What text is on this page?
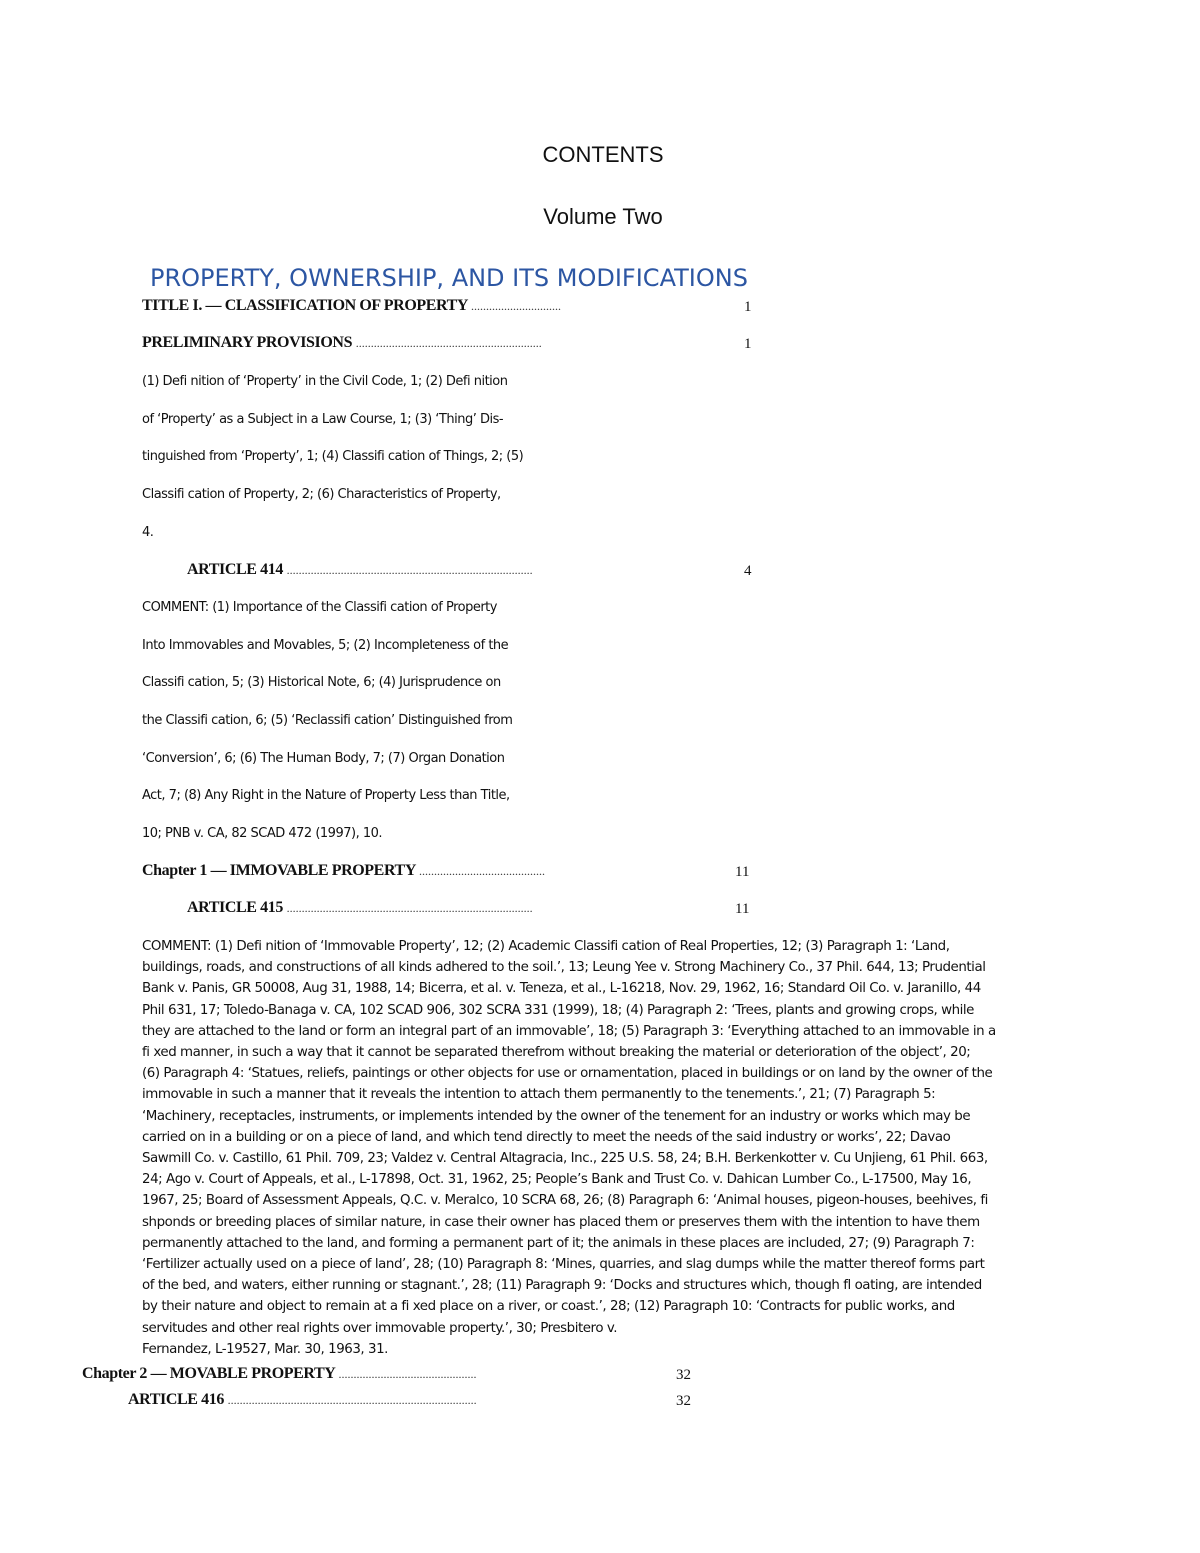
CONTENTS
Volume Two
PROPERTY, OWNERSHIP, AND ITS MODIFICATIONS
TITLE I. — CLASSIFICATION OF PROPERTY ..............................	1
PRELIMINARY PROVISIONS ..............................................................	1
(1) Defi nition of ‘Property’ in the Civil Code, 1; (2) Defi nition
of ‘Property’ as a Subject in a Law Course, 1; (3) ‘Thing’ Dis-
tinguished from ‘Property’, 1; (4) Classifi cation of Things, 2; (5)
Classifi cation of Property, 2; (6) Characteristics of Property,
4.
ARTICLE 414 ..................................................................................	4
COMMENT: (1) Importance of the Classifi cation of Property
Into Immovables and Movables, 5; (2) Incompleteness of the
Classifi cation, 5; (3) Historical Note, 6; (4) Jurisprudence on
the Classifi cation, 6; (5) ‘Reclassifi cation’ Distinguished from
‘Conversion’, 6; (6) The Human Body, 7; (7) Organ Donation
Act, 7; (8) Any Right in the Nature of Property Less than Title,
10; PNB v. CA, 82 SCAD 472 (1997), 10.
Chapter 1 — IMMOVABLE PROPERTY ..........................................	11
ARTICLE 415 ..................................................................................	11
COMMENT: (1) Defi nition of ‘Immovable Property’, 12; (2) Academic Classifi cation of Real Properties, 12; (3) Paragraph 1: ‘Land,
buildings, roads, and constructions of all kinds adhered to the soil.’, 13; Leung Yee v. Strong Machinery Co., 37 Phil. 644, 13; Prudential
Bank v. Panis, GR 50008, Aug 31, 1988, 14; Bicerra, et al. v. Teneza, et al., L-16218, Nov. 29, 1962, 16; Standard Oil Co. v. Jaranillo, 44
Phil 631, 17; Toledo-Banaga v. CA, 102 SCAD 906, 302 SCRA 331 (1999), 18; (4) Paragraph 2: ‘Trees, plants and growing crops, while
they are attached to the land or form an integral part of an immovable’, 18; (5) Paragraph 3: ‘Everything attached to an immovable in a
fi xed manner, in such a way that it cannot be separated therefrom without breaking the material or deterioration of the object’, 20;
(6) Paragraph 4: ‘Statues, reliefs, paintings or other objects for use or ornamentation, placed in buildings or on land by the owner of the
immovable in such a manner that it reveals the intention to attach them permanently to the tenements.’, 21; (7) Paragraph 5:
‘Machinery, receptacles, instruments, or implements intended by the owner of the tenement for an industry or works which may be
carried on in a building or on a piece of land, and which tend directly to meet the needs of the said industry or works’, 22; Davao
Sawmill Co. v. Castillo, 61 Phil. 709, 23; Valdez v. Central Altagracia, Inc., 225 U.S. 58, 24; B.H. Berkenkotter v. Cu Unjieng, 61 Phil. 663,
24; Ago v. Court of Appeals, et al., L-17898, Oct. 31, 1962, 25; People’s Bank and Trust Co. v. Dahican Lumber Co., L-17500, May 16,
1967, 25; Board of Assessment Appeals, Q.C. v. Meralco, 10 SCRA 68, 26; (8) Paragraph 6: ‘Animal houses, pigeon-houses, beehives, fi
shponds or breeding places of similar nature, in case their owner has placed them or preserves them with the intention to have them
permanently attached to the land, and forming a permanent part of it; the animals in these places are included, 27; (9) Paragraph 7:
‘Fertilizer actually used on a piece of land’, 28; (10) Paragraph 8: ‘Mines, quarries, and slag dumps while the matter thereof forms part
of the bed, and waters, either running or stagnant.’, 28; (11) Paragraph 9: ‘Docks and structures which, though fl oating, are intended
by their nature and object to remain at a fi xed place on a river, or coast.’, 28; (12) Paragraph 10: ‘Contracts for public works, and
servitudes and other real rights over immovable property.’, 30; Presbitero v.
Fernandez, L-19527, Mar. 30, 1963, 31.
Chapter 2 — MOVABLE PROPERTY ..............................................	32
ARTICLE 416 ...................................................................................	32
